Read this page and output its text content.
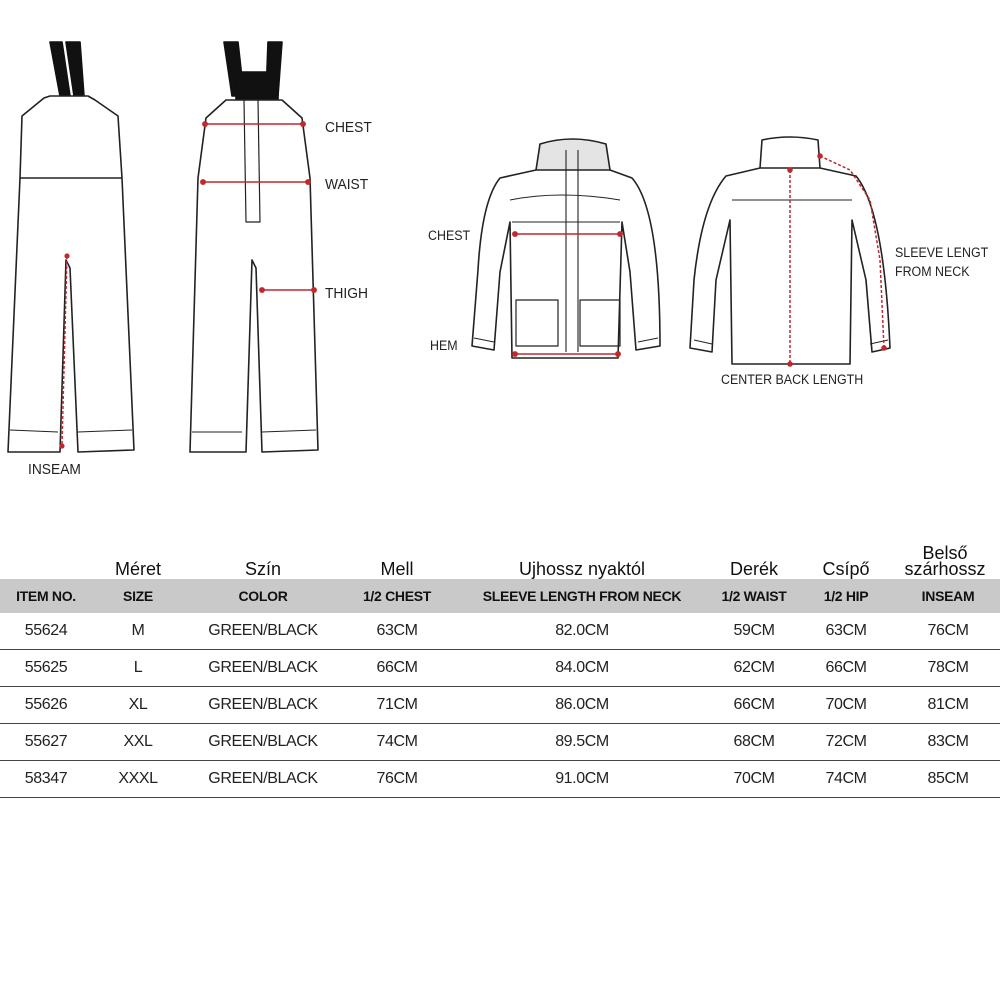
CHEST
WAIST
THIGH
INSEAM
CHEST
HEM
SLEEVE LENGT
FROM NECK
CENTER BACK LENGTH
	Méret	Szín	Mell	Ujhossz nyaktól	Derék	Csípő	Belső szárhossz
ITEM NO.	SIZE	COLOR	1/2 CHEST	SLEEVE LENGTH FROM NECK	1/2 WAIST	1/2 HIP	INSEAM
55624	M	GREEN/BLACK	63CM	82.0CM	59CM	63CM	76CM
55625	L	GREEN/BLACK	66CM	84.0CM	62CM	66CM	78CM
55626	XL	GREEN/BLACK	71CM	86.0CM	66CM	70CM	81CM
55627	XXL	GREEN/BLACK	74CM	89.5CM	68CM	72CM	83CM
58347	XXXL	GREEN/BLACK	76CM	91.0CM	70CM	74CM	85CM
